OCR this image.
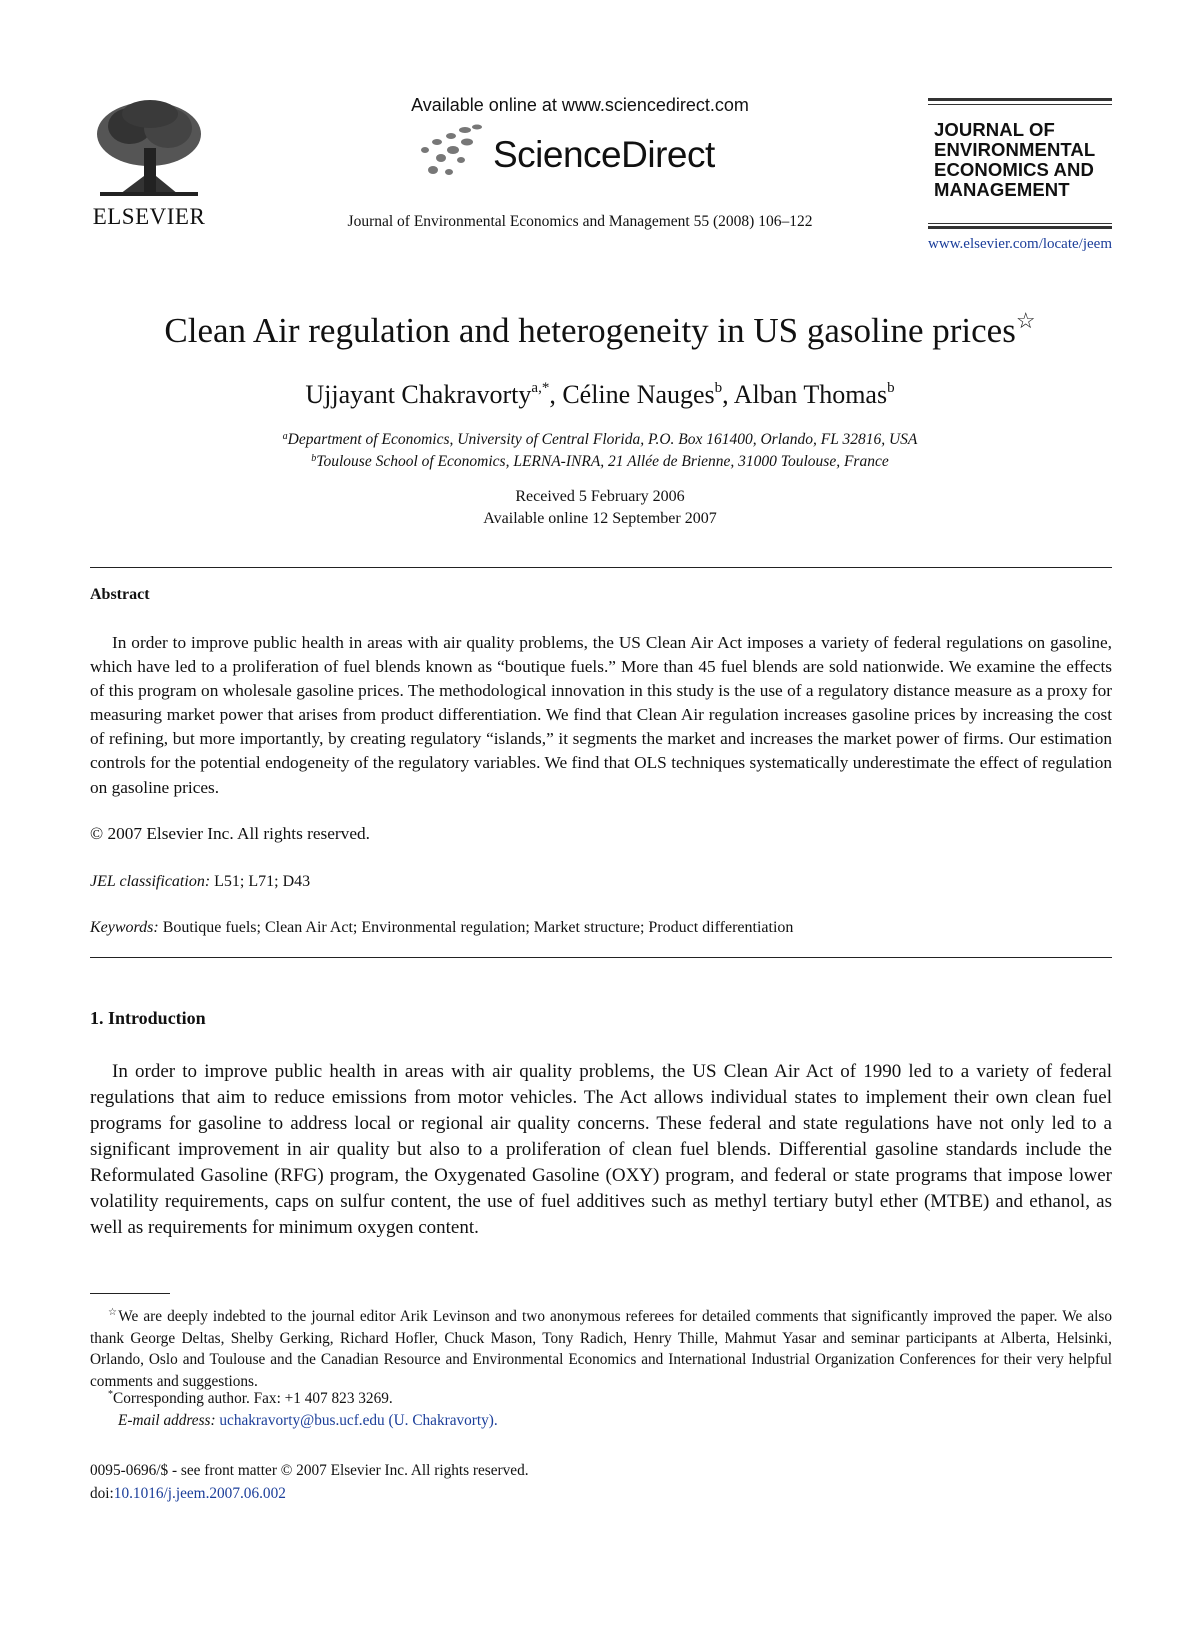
ELSEVIER
Available online at www.sciencedirect.com
ScienceDirect
Journal of Environmental Economics and Management 55 (2008) 106–122
JOURNAL OF
ENVIRONMENTAL
ECONOMICS AND
MANAGEMENT
www.elsevier.com/locate/jeem
Clean Air regulation and heterogeneity in US gasoline prices☆
Ujjayant Chakravorty$^{a,*}$, Céline Nauges$^b$, Alban Thomas$^b$
$^a$Department of Economics, University of Central Florida, P.O. Box 161400, Orlando, FL 32816, USA
$^b$Toulouse School of Economics, LERNA-INRA, 21 Allée de Brienne, 31000 Toulouse, France
Received 5 February 2006
Available online 12 September 2007
Abstract

In order to improve public health in areas with air quality problems, the US Clean Air Act imposes a variety of federal regulations on gasoline, which have led to a proliferation of fuel blends known as “boutique fuels.” More than 45 fuel blends are sold nationwide. We examine the effects of this program on wholesale gasoline prices. The methodological innovation in this study is the use of a regulatory distance measure as a proxy for measuring market power that arises from product differentiation. We find that Clean Air regulation increases gasoline prices by increasing the cost of refining, but more importantly, by creating regulatory “islands,” it segments the market and increases the market power of firms. Our estimation controls for the potential endogeneity of the regulatory variables. We find that OLS techniques systematically underestimate the effect of regulation on gasoline prices.

© 2007 Elsevier Inc. All rights reserved.
JEL classification: L51; L71; D43
Keywords: Boutique fuels; Clean Air Act; Environmental regulation; Market structure; Product differentiation
1. Introduction

In order to improve public health in areas with air quality problems, the US Clean Air Act of 1990 led to a variety of federal regulations that aim to reduce emissions from motor vehicles. The Act allows individual states to implement their own clean fuel programs for gasoline to address local or regional air quality concerns. These federal and state regulations have not only led to a significant improvement in air quality but also to a proliferation of clean fuel blends. Differential gasoline standards include the Reformulated Gasoline (RFG) program, the Oxygenated Gasoline (OXY) program, and federal or state programs that impose lower volatility requirements, caps on sulfur content, the use of fuel additives such as methyl tertiary butyl ether (MTBE) and ethanol, as well as requirements for minimum oxygen content.

☆We are deeply indebted to the journal editor Arik Levinson and two anonymous referees for detailed comments that significantly improved the paper. We also thank George Deltas, Shelby Gerking, Richard Hofler, Chuck Mason, Tony Radich, Henry Thille, Mahmut Yasar and seminar participants at Alberta, Helsinki, Orlando, Oslo and Toulouse and the Canadian Resource and Environmental Economics and International Industrial Organization Conferences for their very helpful comments and suggestions.

*Corresponding author. Fax: +1 407 823 3269.
E-mail address: uchakravorty@bus.ucf.edu (U. Chakravorty).
0095-0696/$ - see front matter © 2007 Elsevier Inc. All rights reserved.
doi:10.1016/j.jeem.2007.06.002
